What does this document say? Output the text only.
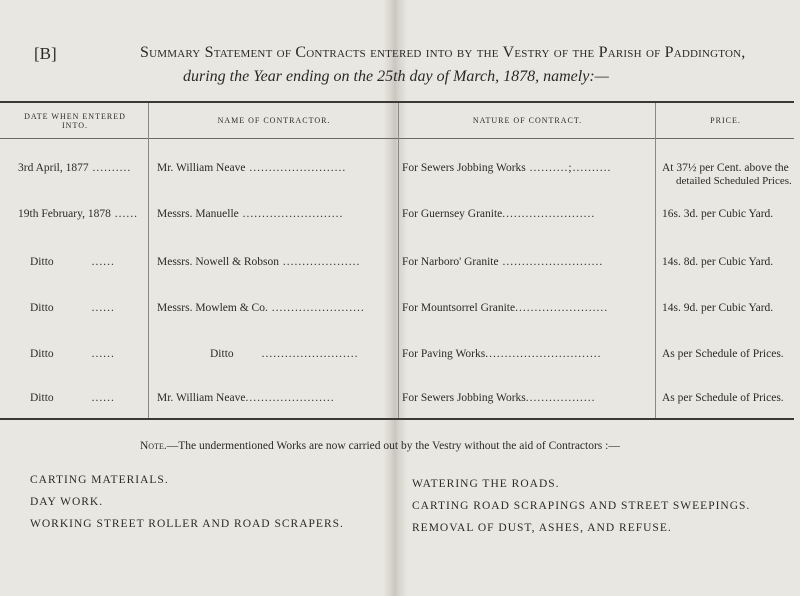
[B]	Summary Statement of Contracts entered into by the Vestry of the Parish of Paddington,
during the Year ending on the 25th day of March, 1878, namely:—
DATE WHEN ENTERED INTO.
NAME OF CONTRACTOR.	NATURE OF CONTRACT.	PRICE.
3rd April, 1877 .......... Mr. William Neave .........................	For Sewers Jobbing Works ..........;..........	At 37½ per Cent. above the
detailed Scheduled Prices.
19th February, 1878 ...... Messrs. Manuelle ..........................	For Guernsey Granite........................	16s. 3d. per Cubic Yard.
Ditto	......	Messrs. Nowell & Robson ....................	For Narboro' Granite ..........................	14s. 8d. per Cubic Yard.
Ditto	......	Messrs. Mowlem & Co. ........................	For Mountsorrel Granite........................	14s. 9d. per Cubic Yard.
Ditto	......	Ditto .........................	For Paving Works..............................	As per Schedule of Prices.
Ditto	......	Mr. William Neave.......................	For Sewers Jobbing Works..................	As per Schedule of Prices.
Note.—The undermentioned Works are now carried out by the Vestry without the aid of Contractors :—
CARTING MATERIALS.
DAY WORK.
WORKING STREET ROLLER AND ROAD SCRAPERS.
WATERING THE ROADS.
CARTING ROAD SCRAPINGS AND STREET SWEEPINGS.
REMOVAL OF DUST, ASHES, AND REFUSE.
